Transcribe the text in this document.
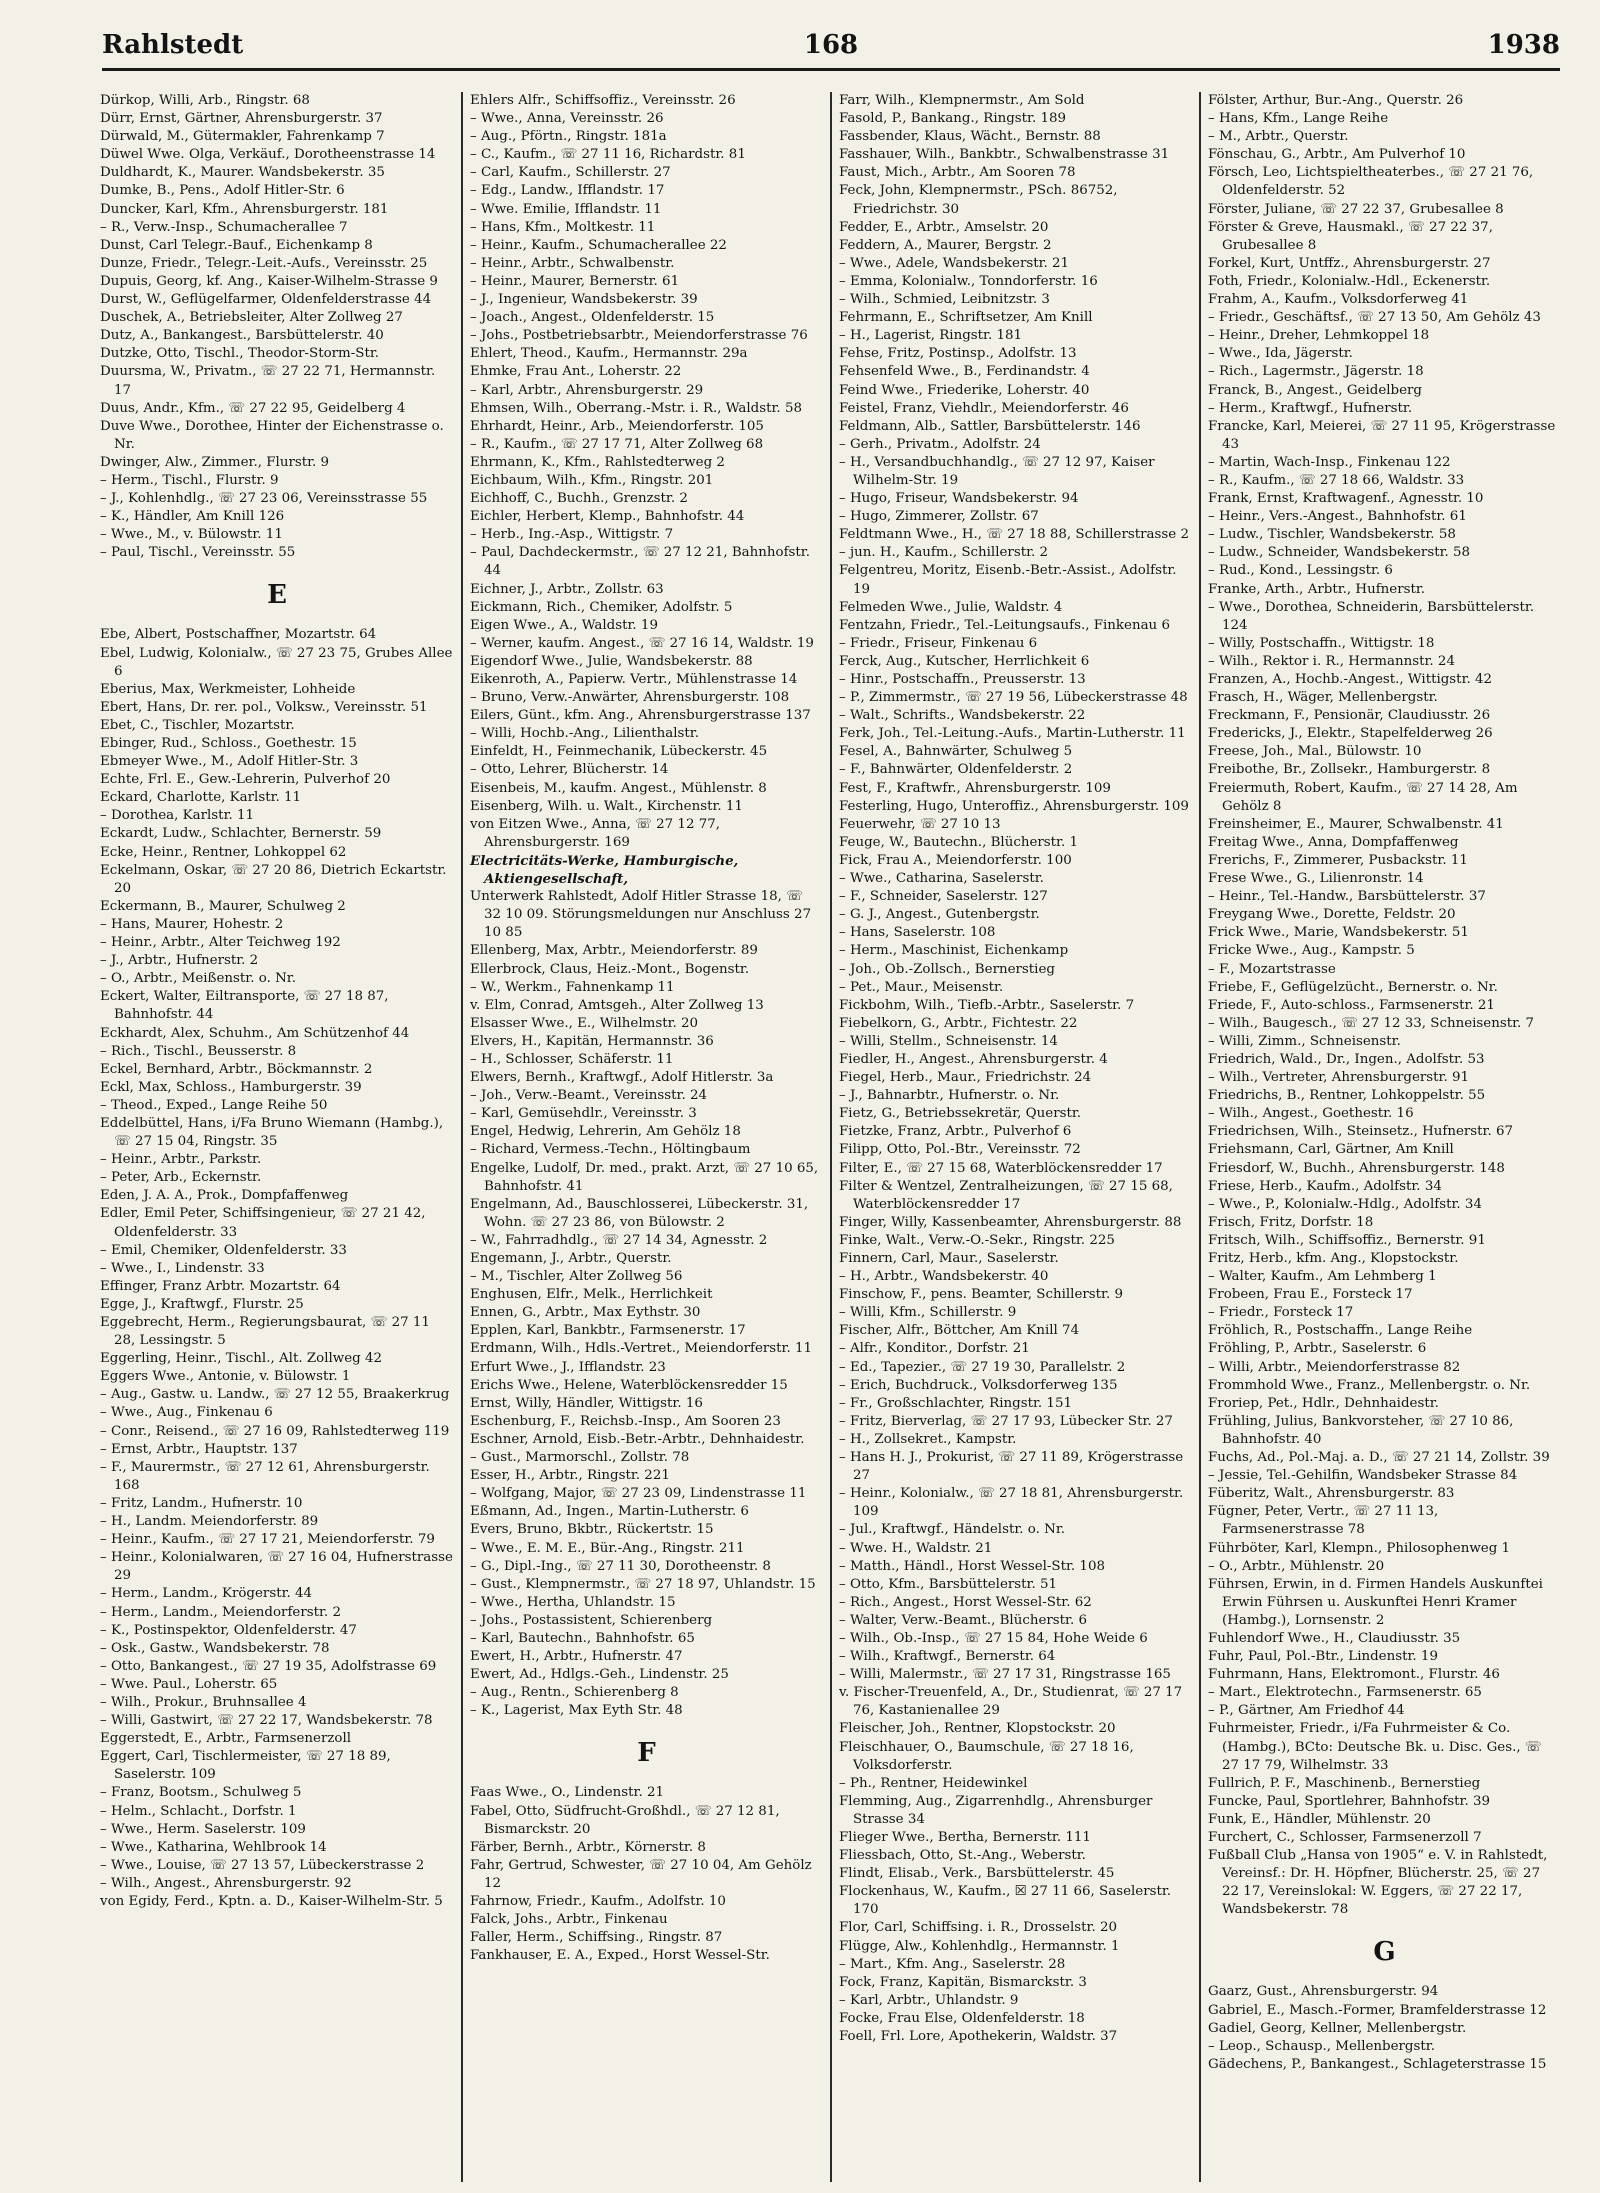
Rahlstedt	168	1938
Dürkop, Willi, Arb., Ringstr. 68
Dürr, Ernst, Gärtner, Ahrensburgerstr. 37
Dürwald, M., Gütermakler, Fahrenkamp 7
Düwel Wwe. Olga, Verkäuf., Dorotheenstrasse 14
Duldhardt, K., Maurer. Wandsbekerstr. 35
Dumke, B., Pens., Adolf Hitler-Str. 6
Duncker, Karl, Kfm., Ahrensburgerstr. 181
– R., Verw.-Insp., Schumacherallee 7
Dunst, Carl Telegr.-Bauf., Eichenkamp 8
Dunze, Friedr., Telegr.-Leit.-Aufs., Vereinsstr. 25
Dupuis, Georg, kf. Ang., Kaiser-Wilhelm-Strasse 9
Durst, W., Geflügelfarmer, Oldenfelderstrasse 44
Duschek, A., Betriebsleiter, Alter Zollweg 27
Dutz, A., Bankangest., Barsbüttelerstr. 40
Dutzke, Otto, Tischl., Theodor-Storm-Str.
Duursma, W., Privatm., ☏ 27 22 71, Hermannstr. 17
Duus, Andr., Kfm., ☏ 27 22 95, Geidelberg 4
Duve Wwe., Dorothee, Hinter der Eichenstrasse o. Nr.
Dwinger, Alw., Zimmer., Flurstr. 9
– Herm., Tischl., Flurstr. 9
– J., Kohlenhdlg., ☏ 27 23 06, Vereinsstrasse 55
– K., Händler, Am Knill 126
– Wwe., M., v. Bülowstr. 11
– Paul, Tischl., Vereinsstr. 55
E
Ebe, Albert, Postschaffner, Mozartstr. 64
Ebel, Ludwig, Kolonialw., ☏ 27 23 75, Grubes Allee 6
Eberius, Max, Werkmeister, Lohheide
Ebert, Hans, Dr. rer. pol., Volksw., Vereinsstr. 51
Ebet, C., Tischler, Mozartstr.
Ebinger, Rud., Schloss., Goethestr. 15
Ebmeyer Wwe., M., Adolf Hitler-Str. 3
Echte, Frl. E., Gew.-Lehrerin, Pulverhof 20
Eckard, Charlotte, Karlstr. 11
– Dorothea, Karlstr. 11
Eckardt, Ludw., Schlachter, Bernerstr. 59
Ecke, Heinr., Rentner, Lohkoppel 62
Eckelmann, Oskar, ☏ 27 20 86, Dietrich Eckartstr. 20
Eckermann, B., Maurer, Schulweg 2
– Hans, Maurer, Hohestr. 2
– Heinr., Arbtr., Alter Teichweg 192
– J., Arbtr., Hufnerstr. 2
– O., Arbtr., Meißenstr. o. Nr.
Eckert, Walter, Eiltransporte, ☏ 27 18 87, Bahnhofstr. 44
Eckhardt, Alex, Schuhm., Am Schützenhof 44
– Rich., Tischl., Beusserstr. 8
Eckel, Bernhard, Arbtr., Böckmannstr. 2
Eckl, Max, Schloss., Hamburgerstr. 39
– Theod., Exped., Lange Reihe 50
Eddelbüttel, Hans, i/Fa Bruno Wiemann (Hambg.), ☏ 27 15 04, Ringstr. 35
– Heinr., Arbtr., Parkstr.
– Peter, Arb., Eckernstr.
Eden, J. A. A., Prok., Dompfaffenweg
Edler, Emil Peter, Schiffsingenieur, ☏ 27 21 42, Oldenfelderstr. 33
– Emil, Chemiker, Oldenfelderstr. 33
– Wwe., I., Lindenstr. 33
Effinger, Franz Arbtr. Mozartstr. 64
Egge, J., Kraftwgf., Flurstr. 25
Eggebrecht, Herm., Regierungsbaurat, ☏ 27 11 28, Lessingstr. 5
Eggerling, Heinr., Tischl., Alt. Zollweg 42
Eggers Wwe., Antonie, v. Bülowstr. 1
– Aug., Gastw. u. Landw., ☏ 27 12 55, Braakerkrug
– Wwe., Aug., Finkenau 6
– Conr., Reisend., ☏ 27 16 09, Rahlstedterweg 119
– Ernst, Arbtr., Hauptstr. 137
– F., Maurermstr., ☏ 27 12 61, Ahrensburgerstr. 168
– Fritz, Landm., Hufnerstr. 10
– H., Landm. Meiendorferstr. 89
– Heinr., Kaufm., ☏ 27 17 21, Meiendorferstr. 79
– Heinr., Kolonialwaren, ☏ 27 16 04, Hufnerstrasse 29
– Herm., Landm., Krögerstr. 44
– Herm., Landm., Meiendorferstr. 2
– K., Postinspektor, Oldenfelderstr. 47
– Osk., Gastw., Wandsbekerstr. 78
– Otto, Bankangest., ☏ 27 19 35, Adolfstrasse 69
– Wwe. Paul., Loherstr. 65
– Wilh., Prokur., Bruhnsallee 4
– Willi, Gastwirt, ☏ 27 22 17, Wandsbekerstr. 78
Eggerstedt, E., Arbtr., Farmsenerzoll
Eggert, Carl, Tischlermeister, ☏ 27 18 89, Saselerstr. 109
– Franz, Bootsm., Schulweg 5
– Helm., Schlacht., Dorfstr. 1
– Wwe., Herm. Saselerstr. 109
– Wwe., Katharina, Wehlbrook 14
– Wwe., Louise, ☏ 27 13 57, Lübeckerstrasse 2
– Wilh., Angest., Ahrensburgerstr. 92
von Egidy, Ferd., Kptn. a. D., Kaiser-Wilhelm-Str. 5
Ehlers Alfr., Schiffsoffiz., Vereinsstr. 26
– Wwe., Anna, Vereinsstr. 26
– Aug., Pförtn., Ringstr. 181a
– C., Kaufm., ☏ 27 11 16, Richardstr. 81
– Carl, Kaufm., Schillerstr. 27
– Edg., Landw., Ifflandstr. 17
– Wwe. Emilie, Ifflandstr. 11
– Hans, Kfm., Moltkestr. 11
– Heinr., Kaufm., Schumacherallee 22
– Heinr., Arbtr., Schwalbenstr.
– Heinr., Maurer, Bernerstr. 61
– J., Ingenieur, Wandsbekerstr. 39
– Joach., Angest., Oldenfelderstr. 15
– Johs., Postbetriebsarbtr., Meiendorferstrasse 76
Ehlert, Theod., Kaufm., Hermannstr. 29a
Ehmke, Frau Ant., Loherstr. 22
– Karl, Arbtr., Ahrensburgerstr. 29
Ehmsen, Wilh., Oberrang.-Mstr. i. R., Waldstr. 58
Ehrhardt, Heinr., Arb., Meiendorferstr. 105
– R., Kaufm., ☏ 27 17 71, Alter Zollweg 68
Ehrmann, K., Kfm., Rahlstedterweg 2
Eichbaum, Wilh., Kfm., Ringstr. 201
Eichhoff, C., Buchh., Grenzstr. 2
Eichler, Herbert, Klemp., Bahnhofstr. 44
– Herb., Ing.-Asp., Wittigstr. 7
– Paul, Dachdeckermstr., ☏ 27 12 21, Bahnhofstr. 44
Eichner, J., Arbtr., Zollstr. 63
Eickmann, Rich., Chemiker, Adolfstr. 5
Eigen Wwe., A., Waldstr. 19
– Werner, kaufm. Angest., ☏ 27 16 14, Waldstr. 19
Eigendorf Wwe., Julie, Wandsbekerstr. 88
Eikenroth, A., Papierw. Vertr., Mühlenstrasse 14
– Bruno, Verw.-Anwärter, Ahrensburgerstr. 108
Eilers, Günt., kfm. Ang., Ahrensburgerstrasse 137
– Willi, Hochb.-Ang., Lilienthalstr.
Einfeldt, H., Feinmechanik, Lübeckerstr. 45
– Otto, Lehrer, Blücherstr. 14
Eisenbeis, M., kaufm. Angest., Mühlenstr. 8
Eisenberg, Wilh. u. Walt., Kirchenstr. 11
von Eitzen Wwe., Anna, ☏ 27 12 77, Ahrensburgerstr. 169
Electricitäts-Werke, Hamburgische, Aktiengesellschaft,
Unterwerk Rahlstedt, Adolf Hitler Strasse 18, ☏ 32 10 09. Störungsmeldungen nur Anschluss 27 10 85
Ellenberg, Max, Arbtr., Meiendorferstr. 89
Ellerbrock, Claus, Heiz.-Mont., Bogenstr.
– W., Werkm., Fahnenkamp 11
v. Elm, Conrad, Amtsgeh., Alter Zollweg 13
Elsasser Wwe., E., Wilhelmstr. 20
Elvers, H., Kapitän, Hermannstr. 36
– H., Schlosser, Schäferstr. 11
Elwers, Bernh., Kraftwgf., Adolf Hitlerstr. 3a
– Joh., Verw.-Beamt., Vereinsstr. 24
– Karl, Gemüsehdlr., Vereinsstr. 3
Engel, Hedwig, Lehrerin, Am Gehölz 18
– Richard, Vermess.-Techn., Höltingbaum
Engelke, Ludolf, Dr. med., prakt. Arzt, ☏ 27 10 65, Bahnhofstr. 41
Engelmann, Ad., Bauschlosserei, Lübeckerstr. 31, Wohn. ☏ 27 23 86, von Bülowstr. 2
– W., Fahrradhdlg., ☏ 27 14 34, Agnesstr. 2
Engemann, J., Arbtr., Querstr.
– M., Tischler, Alter Zollweg 56
Enghusen, Elfr., Melk., Herrlichkeit
Ennen, G., Arbtr., Max Eythstr. 30
Epplen, Karl, Bankbtr., Farmsenerstr. 17
Erdmann, Wilh., Hdls.-Vertret., Meiendorferstr. 11
Erfurt Wwe., J., Ifflandstr. 23
Erichs Wwe., Helene, Waterblöckensredder 15
Ernst, Willy, Händler, Wittigstr. 16
Eschenburg, F., Reichsb.-Insp., Am Sooren 23
Eschner, Arnold, Eisb.-Betr.-Arbtr., Dehnhaidestr.
– Gust., Marmorschl., Zollstr. 78
Esser, H., Arbtr., Ringstr. 221
– Wolfgang, Major, ☏ 27 23 09, Lindenstrasse 11
Eßmann, Ad., Ingen., Martin-Lutherstr. 6
Evers, Bruno, Bkbtr., Rückertstr. 15
– Wwe., E. M. E., Bür.-Ang., Ringstr. 211
– G., Dipl.-Ing., ☏ 27 11 30, Dorotheenstr. 8
– Gust., Klempnermstr., ☏ 27 18 97, Uhlandstr. 15
– Wwe., Hertha, Uhlandstr. 15
– Johs., Postassistent, Schierenberg
– Karl, Bautechn., Bahnhofstr. 65
Ewert, H., Arbtr., Hufnerstr. 47
Ewert, Ad., Hdlgs.-Geh., Lindenstr. 25
– Aug., Rentn., Schierenberg 8
– K., Lagerist, Max Eyth Str. 48
F
Faas Wwe., O., Lindenstr. 21
Fabel, Otto, Südfrucht-Großhdl., ☏ 27 12 81, Bismarckstr. 20
Färber, Bernh., Arbtr., Körnerstr. 8
Fahr, Gertrud, Schwester, ☏ 27 10 04, Am Gehölz 12
Fahrnow, Friedr., Kaufm., Adolfstr. 10
Falck, Johs., Arbtr., Finkenau
Faller, Herm., Schiffsing., Ringstr. 87
Fankhauser, E. A., Exped., Horst Wessel-Str.
Farr, Wilh., Klempnermstr., Am Sold
Fasold, P., Bankang., Ringstr. 189
Fassbender, Klaus, Wächt., Bernstr. 88
Fasshauer, Wilh., Bankbtr., Schwalbenstrasse 31
Faust, Mich., Arbtr., Am Sooren 78
Feck, John, Klempnermstr., PSch. 86752, Friedrichstr. 30
Fedder, E., Arbtr., Amselstr. 20
Feddern, A., Maurer, Bergstr. 2
– Wwe., Adele, Wandsbekerstr. 21
– Emma, Kolonialw., Tonndorferstr. 16
– Wilh., Schmied, Leibnitzstr. 3
Fehrmann, E., Schriftsetzer, Am Knill
– H., Lagerist, Ringstr. 181
Fehse, Fritz, Postinsp., Adolfstr. 13
Fehsenfeld Wwe., B., Ferdinandstr. 4
Feind Wwe., Friederike, Loherstr. 40
Feistel, Franz, Viehdlr., Meiendorferstr. 46
Feldmann, Alb., Sattler, Barsbüttelerstr. 146
– Gerh., Privatm., Adolfstr. 24
– H., Versandbuchhandlg., ☏ 27 12 97, Kaiser Wilhelm-Str. 19
– Hugo, Friseur, Wandsbekerstr. 94
– Hugo, Zimmerer, Zollstr. 67
Feldtmann Wwe., H., ☏ 27 18 88, Schillerstrasse 2
– jun. H., Kaufm., Schillerstr. 2
Felgentreu, Moritz, Eisenb.-Betr.-Assist., Adolfstr. 19
Felmeden Wwe., Julie, Waldstr. 4
Fentzahn, Friedr., Tel.-Leitungsaufs., Finkenau 6
– Friedr., Friseur, Finkenau 6
Ferck, Aug., Kutscher, Herrlichkeit 6
– Hinr., Postschaffn., Preusserstr. 13
– P., Zimmermstr., ☏ 27 19 56, Lübeckerstrasse 48
– Walt., Schrifts., Wandsbekerstr. 22
Ferk, Joh., Tel.-Leitung.-Aufs., Martin-Lutherstr. 11
Fesel, A., Bahnwärter, Schulweg 5
– F., Bahnwärter, Oldenfelderstr. 2
Fest, F., Kraftwfr., Ahrensburgerstr. 109
Festerling, Hugo, Unteroffiz., Ahrensburgerstr. 109
Feuerwehr, ☏ 27 10 13
Feuge, W., Bautechn., Blücherstr. 1
Fick, Frau A., Meiendorferstr. 100
– Wwe., Catharina, Saselerstr.
– F., Schneider, Saselerstr. 127
– G. J., Angest., Gutenbergstr.
– Hans, Saselerstr. 108
– Herm., Maschinist, Eichenkamp
– Joh., Ob.-Zollsch., Bernerstieg
– Pet., Maur., Meisenstr.
Fickbohm, Wilh., Tiefb.-Arbtr., Saselerstr. 7
Fiebelkorn, G., Arbtr., Fichtestr. 22
– Willi, Stellm., Schneisenstr. 14
Fiedler, H., Angest., Ahrensburgerstr. 4
Fiegel, Herb., Maur., Friedrichstr. 24
– J., Bahnarbtr., Hufnerstr. o. Nr.
Fietz, G., Betriebssekretär, Querstr.
Fietzke, Franz, Arbtr., Pulverhof 6
Filipp, Otto, Pol.-Btr., Vereinsstr. 72
Filter, E., ☏ 27 15 68, Waterblöckensredder 17
Filter & Wentzel, Zentralheizungen, ☏ 27 15 68, Waterblöckensredder 17
Finger, Willy, Kassenbeamter, Ahrensburgerstr. 88
Finke, Walt., Verw.-O.-Sekr., Ringstr. 225
Finnern, Carl, Maur., Saselerstr.
– H., Arbtr., Wandsbekerstr. 40
Finschow, F., pens. Beamter, Schillerstr. 9
– Willi, Kfm., Schillerstr. 9
Fischer, Alfr., Böttcher, Am Knill 74
– Alfr., Konditor., Dorfstr. 21
– Ed., Tapezier., ☏ 27 19 30, Parallelstr. 2
– Erich, Buchdruck., Volksdorferweg 135
– Fr., Großschlachter, Ringstr. 151
– Fritz, Bierverlag, ☏ 27 17 93, Lübecker Str. 27
– H., Zollsekret., Kampstr.
– Hans H. J., Prokurist, ☏ 27 11 89, Krögerstrasse 27
– Heinr., Kolonialw., ☏ 27 18 81, Ahrensburgerstr. 109
– Jul., Kraftwgf., Händelstr. o. Nr.
– Wwe. H., Waldstr. 21
– Matth., Händl., Horst Wessel-Str. 108
– Otto, Kfm., Barsbüttelerstr. 51
– Rich., Angest., Horst Wessel-Str. 62
– Walter, Verw.-Beamt., Blücherstr. 6
– Wilh., Ob.-Insp., ☏ 27 15 84, Hohe Weide 6
– Wilh., Kraftwgf., Bernerstr. 64
– Willi, Malermstr., ☏ 27 17 31, Ringstrasse 165
v. Fischer-Treuenfeld, A., Dr., Studienrat, ☏ 27 17 76, Kastanienallee 29
Fleischer, Joh., Rentner, Klopstockstr. 20
Fleischhauer, O., Baumschule, ☏ 27 18 16, Volksdorferstr.
– Ph., Rentner, Heidewinkel
Flemming, Aug., Zigarrenhdlg., Ahrensburger Strasse 34
Flieger Wwe., Bertha, Bernerstr. 111
Fliessbach, Otto, St.-Ang., Weberstr.
Flindt, Elisab., Verk., Barsbüttelerstr. 45
Flockenhaus, W., Kaufm., ☒ 27 11 66, Saselerstr. 170
Flor, Carl, Schiffsing. i. R., Drosselstr. 20
Flügge, Alw., Kohlenhdlg., Hermannstr. 1
– Mart., Kfm. Ang., Saselerstr. 28
Fock, Franz, Kapitän, Bismarckstr. 3
– Karl, Arbtr., Uhlandstr. 9
Focke, Frau Else, Oldenfelderstr. 18
Foell, Frl. Lore, Apothekerin, Waldstr. 37
Fölster, Arthur, Bur.-Ang., Querstr. 26
– Hans, Kfm., Lange Reihe
– M., Arbtr., Querstr.
Fönschau, G., Arbtr., Am Pulverhof 10
Försch, Leo, Lichtspieltheaterbes., ☏ 27 21 76, Oldenfelderstr. 52
Förster, Juliane, ☏ 27 22 37, Grubesallee 8
Förster & Greve, Hausmakl., ☏ 27 22 37, Grubesallee 8
Forkel, Kurt, Untffz., Ahrensburgerstr. 27
Foth, Friedr., Kolonialw.-Hdl., Eckenerstr.
Frahm, A., Kaufm., Volksdorferweg 41
– Friedr., Geschäftsf., ☏ 27 13 50, Am Gehölz 43
– Heinr., Dreher, Lehmkoppel 18
– Wwe., Ida, Jägerstr.
– Rich., Lagermstr., Jägerstr. 18
Franck, B., Angest., Geidelberg
– Herm., Kraftwgf., Hufnerstr.
Francke, Karl, Meierei, ☏ 27 11 95, Krögerstrasse 43
– Martin, Wach-Insp., Finkenau 122
– R., Kaufm., ☏ 27 18 66, Waldstr. 33
Frank, Ernst, Kraftwagenf., Agnesstr. 10
– Heinr., Vers.-Angest., Bahnhofstr. 61
– Ludw., Tischler, Wandsbekerstr. 58
– Ludw., Schneider, Wandsbekerstr. 58
– Rud., Kond., Lessingstr. 6
Franke, Arth., Arbtr., Hufnerstr.
– Wwe., Dorothea, Schneiderin, Barsbüttelerstr. 124
– Willy, Postschaffn., Wittigstr. 18
– Wilh., Rektor i. R., Hermannstr. 24
Franzen, A., Hochb.-Angest., Wittigstr. 42
Frasch, H., Wäger, Mellenbergstr.
Freckmann, F., Pensionär, Claudiusstr. 26
Fredericks, J., Elektr., Stapelfelderweg 26
Freese, Joh., Mal., Bülowstr. 10
Freibothe, Br., Zollsekr., Hamburgerstr. 8
Freiermuth, Robert, Kaufm., ☏ 27 14 28, Am Gehölz 8
Freinsheimer, E., Maurer, Schwalbenstr. 41
Freitag Wwe., Anna, Dompfaffenweg
Frerichs, F., Zimmerer, Pusbackstr. 11
Frese Wwe., G., Lilienronstr. 14
– Heinr., Tel.-Handw., Barsbüttelerstr. 37
Freygang Wwe., Dorette, Feldstr. 20
Frick Wwe., Marie, Wandsbekerstr. 51
Fricke Wwe., Aug., Kampstr. 5
– F., Mozartstrasse
Friebe, F., Geflügelzücht., Bernerstr. o. Nr.
Friede, F., Auto-schloss., Farmsenerstr. 21
– Wilh., Baugesch., ☏ 27 12 33, Schneisenstr. 7
– Willi, Zimm., Schneisenstr.
Friedrich, Wald., Dr., Ingen., Adolfstr. 53
– Wilh., Vertreter, Ahrensburgerstr. 91
Friedrichs, B., Rentner, Lohkoppelstr. 55
– Wilh., Angest., Goethestr. 16
Friedrichsen, Wilh., Steinsetz., Hufnerstr. 67
Friehsmann, Carl, Gärtner, Am Knill
Friesdorf, W., Buchh., Ahrensburgerstr. 148
Friese, Herb., Kaufm., Adolfstr. 34
– Wwe., P., Kolonialw.-Hdlg., Adolfstr. 34
Frisch, Fritz, Dorfstr. 18
Fritsch, Wilh., Schiffsoffiz., Bernerstr. 91
Fritz, Herb., kfm. Ang., Klopstockstr.
– Walter, Kaufm., Am Lehmberg 1
Frobeen, Frau E., Forsteck 17
– Friedr., Forsteck 17
Fröhlich, R., Postschaffn., Lange Reihe
Fröhling, P., Arbtr., Saselerstr. 6
– Willi, Arbtr., Meiendorferstrasse 82
Frommhold Wwe., Franz., Mellenbergstr. o. Nr.
Froriep, Pet., Hdlr., Dehnhaidestr.
Frühling, Julius, Bankvorsteher, ☏ 27 10 86, Bahnhofstr. 40
Fuchs, Ad., Pol.-Maj. a. D., ☏ 27 21 14, Zollstr. 39
– Jessie, Tel.-Gehilfin, Wandsbeker Strasse 84
Füberitz, Walt., Ahrensburgerstr. 83
Fügner, Peter, Vertr., ☏ 27 11 13, Farmsenerstrasse 78
Führböter, Karl, Klempn., Philosophenweg 1
– O., Arbtr., Mühlenstr. 20
Führsen, Erwin, in d. Firmen Handels Auskunftei Erwin Führsen u. Auskunftei Henri Kramer (Hambg.), Lornsenstr. 2
Fuhlendorf Wwe., H., Claudiusstr. 35
Fuhr, Paul, Pol.-Btr., Lindenstr. 19
Fuhrmann, Hans, Elektromont., Flurstr. 46
– Mart., Elektrotechn., Farmsenerstr. 65
– P., Gärtner, Am Friedhof 44
Fuhrmeister, Friedr., i/Fa Fuhrmeister & Co. (Hambg.), BCto: Deutsche Bk. u. Disc. Ges., ☏ 27 17 79, Wilhelmstr. 33
Fullrich, P. F., Maschinenb., Bernerstieg
Funcke, Paul, Sportlehrer, Bahnhofstr. 39
Funk, E., Händler, Mühlenstr. 20
Furchert, C., Schlosser, Farmsenerzoll 7
Fußball Club „Hansa von 1905“ e. V. in Rahlstedt, Vereinsf.: Dr. H. Höpfner, Blücherstr. 25, ☏ 27 22 17, Vereinslokal: W. Eggers, ☏ 27 22 17, Wandsbekerstr. 78
G
Gaarz, Gust., Ahrensburgerstr. 94
Gabriel, E., Masch.-Former, Bramfelderstrasse 12
Gadiel, Georg, Kellner, Mellenbergstr.
– Leop., Schausp., Mellenbergstr.
Gädechens, P., Bankangest., Schlageterstrasse 15
